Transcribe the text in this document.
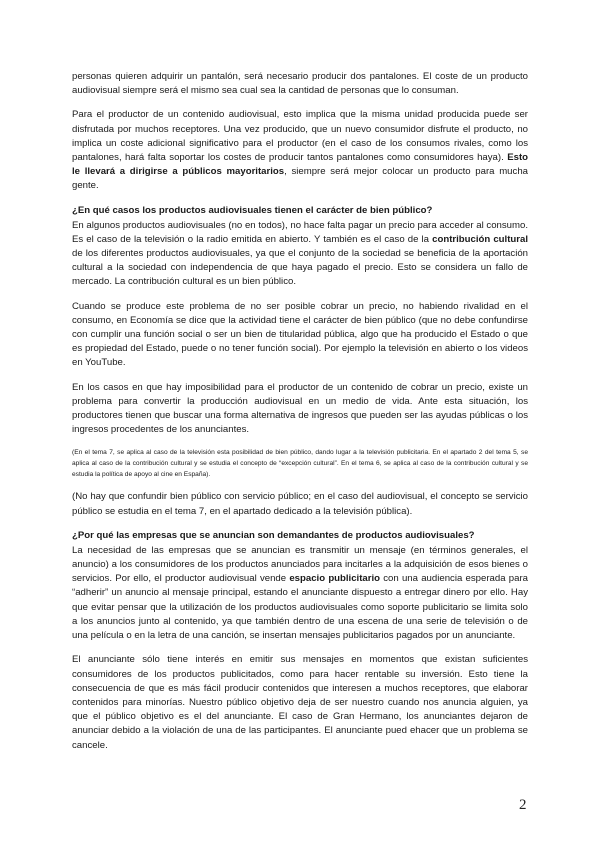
personas quieren adquirir un pantalón, será necesario producir dos pantalones. El coste de un producto audiovisual siempre será el mismo sea cual sea la cantidad de personas que lo consuman.

Para el productor de un contenido audiovisual, esto implica que la misma unidad producida puede ser disfrutada por muchos receptores. Una vez producido, que un nuevo consumidor disfrute el producto, no implica un coste adicional significativo para el productor (en el caso de los consumos rivales, como los pantalones, hará falta soportar los costes de producir tantos pantalones como consumidores haya). Esto le llevará a dirigirse a públicos mayoritarios, siempre será mejor colocar un producto para mucha gente.

¿En qué casos los productos audiovisuales tienen el carácter de bien público?

En algunos productos audiovisuales (no en todos), no hace falta pagar un precio para acceder al consumo. Es el caso de la televisión o la radio emitida en abierto. Y también es el caso de la contribución cultural de los diferentes productos audiovisuales, ya que el conjunto de la sociedad se beneficia de la aportación cultural a la sociedad con independencia de que haya pagado el precio. Esto se considera un fallo de mercado. La contribución cultural es un bien público.

Cuando se produce este problema de no ser posible cobrar un precio, no habiendo rivalidad en el consumo, en Economía se dice que la actividad tiene el carácter de bien público (que no debe confundirse con cumplir una función social o ser un bien de titularidad pública, algo que ha producido el Estado o que es propiedad del Estado, puede o no tener función social). Por ejemplo la televisión en abierto o los videos en YouTube.

En los casos en que hay imposibilidad para el productor de un contenido de cobrar un precio, existe un problema para convertir la producción audiovisual en un medio de vida. Ante esta situación, los productores tienen que buscar una forma alternativa de ingresos que pueden ser las ayudas públicas o los ingresos procedentes de los anunciantes.

(En el tema 7, se aplica al caso de la televisión esta posibilidad de bien público, dando lugar a la televisión publicitaria. En el apartado 2 del tema 5, se aplica al caso de la contribución cultural y se estudia el concepto de “excepción cultural”. En el tema 6, se aplica al caso de la contribución cultural y se estudia la política de apoyo al cine en España).

(No hay que confundir bien público con servicio público; en el caso del audiovisual, el concepto se servicio público se estudia en el tema 7, en el apartado dedicado a la televisión pública).

¿Por qué las empresas que se anuncian son demandantes de productos audiovisuales?

La necesidad de las empresas que se anuncian es transmitir un mensaje (en términos generales, el anuncio) a los consumidores de los productos anunciados para incitarles a la adquisición de esos bienes o servicios. Por ello, el productor audiovisual vende espacio publicitario con una audiencia esperada para “adherir” un anuncio al mensaje principal, estando el anunciante dispuesto a entregar dinero por ello. Hay que evitar pensar que la utilización de los productos audiovisuales como soporte publicitario se limita solo a los anuncios junto al contenido, ya que también dentro de una escena de una serie de televisión o de una película o en la letra de una canción, se insertan mensajes publicitarios pagados por un anunciante.

El anunciante sólo tiene interés en emitir sus mensajes en momentos que existan suficientes consumidores de los productos publicitados, como para hacer rentable su inversión. Esto tiene la consecuencia de que es más fácil producir contenidos que interesen a muchos receptores, que elaborar contenidos para minorías. Nuestro público objetivo deja de ser nuestro cuando nos anuncia alguien, ya que el público objetivo es el del anunciante. El caso de Gran Hermano, los anunciantes dejaron de anunciar debido a la violación de una de las participantes. El anunciante pued ehacer que un problema se cancele.

2
